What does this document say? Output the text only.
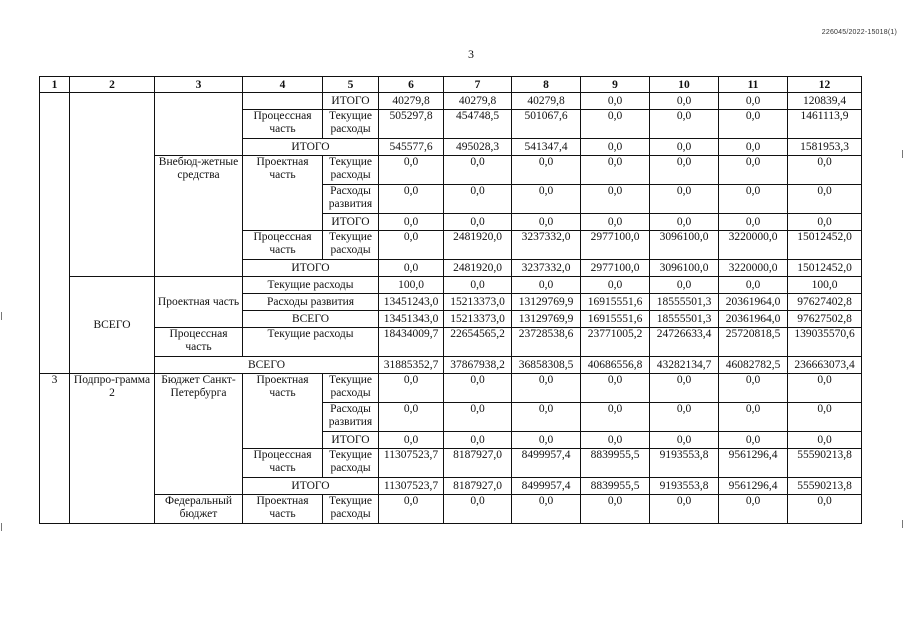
226045/2022-15018(1)
3
1	2	3	4	5	6	7	8	9	10	11	12
				ИТОГО	40279,8	40279,8	40279,8	0,0	0,0	0,0	120839,4
			Процессная часть	Текущие расходы	505297,8	454748,5	501067,6	0,0	0,0	0,0	1461113,9
			ИТОГО		545577,6	495028,3	541347,4	0,0	0,0	0,0	1581953,3
		Внебюд-жетные средства	Проектная часть	Текущие расходы	0,0	0,0	0,0	0,0	0,0	0,0	0,0
				Расходы развития	0,0	0,0	0,0	0,0	0,0	0,0	0,0
				ИТОГО	0,0	0,0	0,0	0,0	0,0	0,0	0,0
			Процессная часть	Текущие расходы	0,0	2481920,0	3237332,0	2977100,0	3096100,0	3220000,0	15012452,0
			ИТОГО		0,0	2481920,0	3237332,0	2977100,0	3096100,0	3220000,0	15012452,0
	ВСЕГО	Проектная часть	Текущие расходы		100,0	0,0	0,0	0,0	0,0	0,0	100,0
			Расходы развития		13451243,0	15213373,0	13129769,9	16915551,6	18555501,3	20361964,0	97627402,8
			ВСЕГО		13451343,0	15213373,0	13129769,9	16915551,6	18555501,3	20361964,0	97627502,8
		Процессная часть	Текущие расходы		18434009,7	22654565,2	23728538,6	23771005,2	24726633,4	25720818,5	139035570,6
		ВСЕГО			31885352,7	37867938,2	36858308,5	40686556,8	43282134,7	46082782,5	236663073,4
3	Подпро-грамма 2	Бюджет Санкт-Петербурга	Проектная часть	Текущие расходы	0,0	0,0	0,0	0,0	0,0	0,0	0,0
				Расходы развития	0,0	0,0	0,0	0,0	0,0	0,0	0,0
				ИТОГО	0,0	0,0	0,0	0,0	0,0	0,0	0,0
			Процессная часть	Текущие расходы	11307523,7	8187927,0	8499957,4	8839955,5	9193553,8	9561296,4	55590213,8
			ИТОГО		11307523,7	8187927,0	8499957,4	8839955,5	9193553,8	9561296,4	55590213,8
		Федеральный бюджет	Проектная часть	Текущие расходы	0,0	0,0	0,0	0,0	0,0	0,0	0,0
